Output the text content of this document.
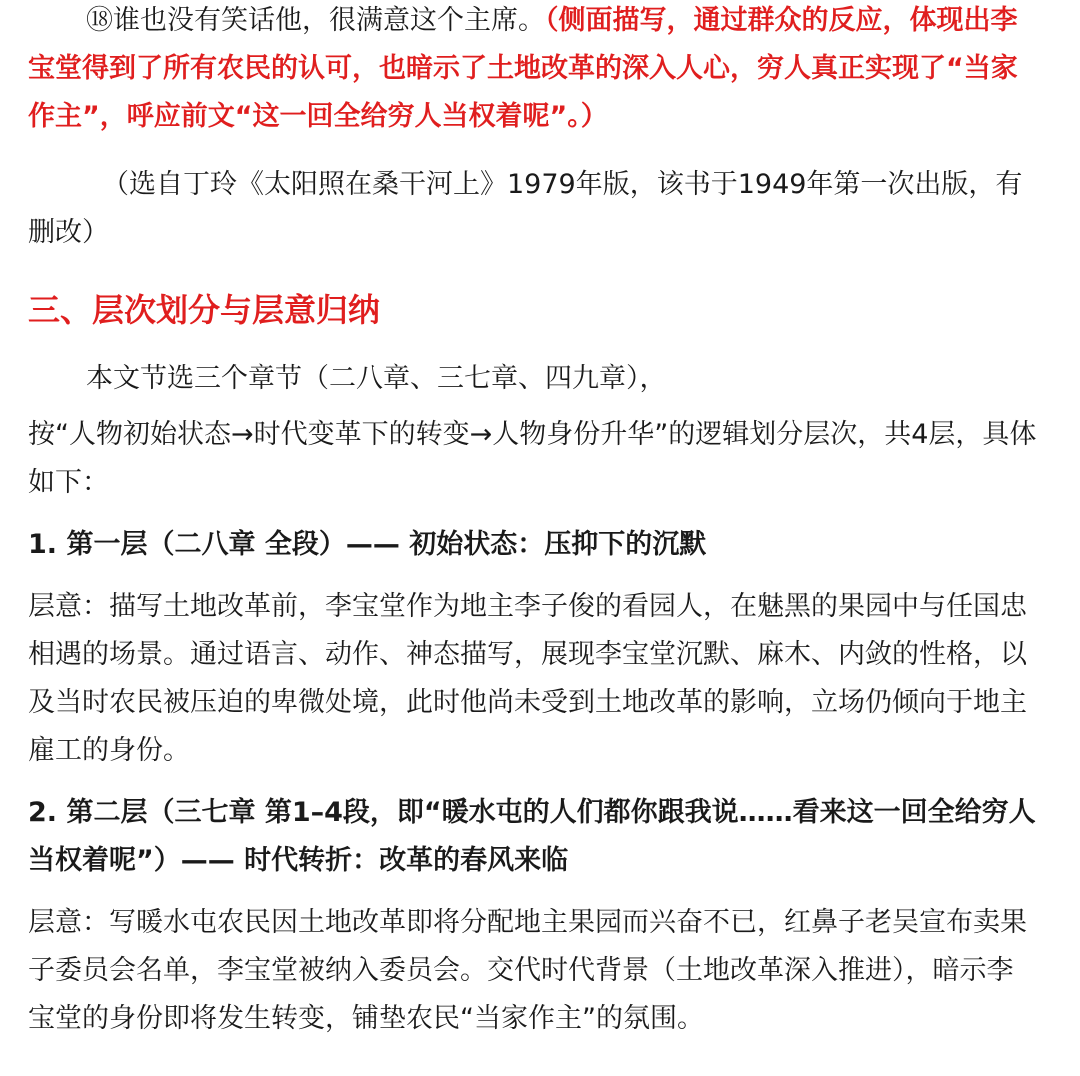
⑱谁也没有笑话他，很满意这个主席。（侧面描写，通过群众的反应，体现出李宝堂得到了所有农民的认可，也暗示了土地改革的深入人心，穷人真正实现了“当家作主”，呼应前文“这一回全给穷人当权着呢”。）

（选自丁玲《太阳照在桑干河上》1979年版，该书于1949年第一次出版，有删改）

三、层次划分与层意归纳

本文节选三个章节（二八章、三七章、四九章），

按“人物初始状态→时代变革下的转变→人物身份升华”的逻辑划分层次，共4层，具体如下：

1. 第一层（二八章 全段）—— 初始状态：压抑下的沉默

层意：描写土地改革前，李宝堂作为地主李子俊的看园人，在魅黑的果园中与任国忠相遇的场景。通过语言、动作、神态描写，展现李宝堂沉默、麻木、内敛的性格，以及当时农民被压迫的卑微处境，此时他尚未受到土地改革的影响，立场仍倾向于地主雇工的身份。

2. 第二层（三七章 第1–4段，即“暖水屯的人们都你跟我说……看来这一回全给穷人当权着呢”）—— 时代转折：改革的春风来临

层意：写暖水屯农民因土地改革即将分配地主果园而兴奋不已，红鼻子老吴宣布卖果子委员会名单，李宝堂被纳入委员会。交代时代背景（土地改革深入推进），暗示李宝堂的身份即将发生转变，铺垫农民“当家作主”的氛围。
